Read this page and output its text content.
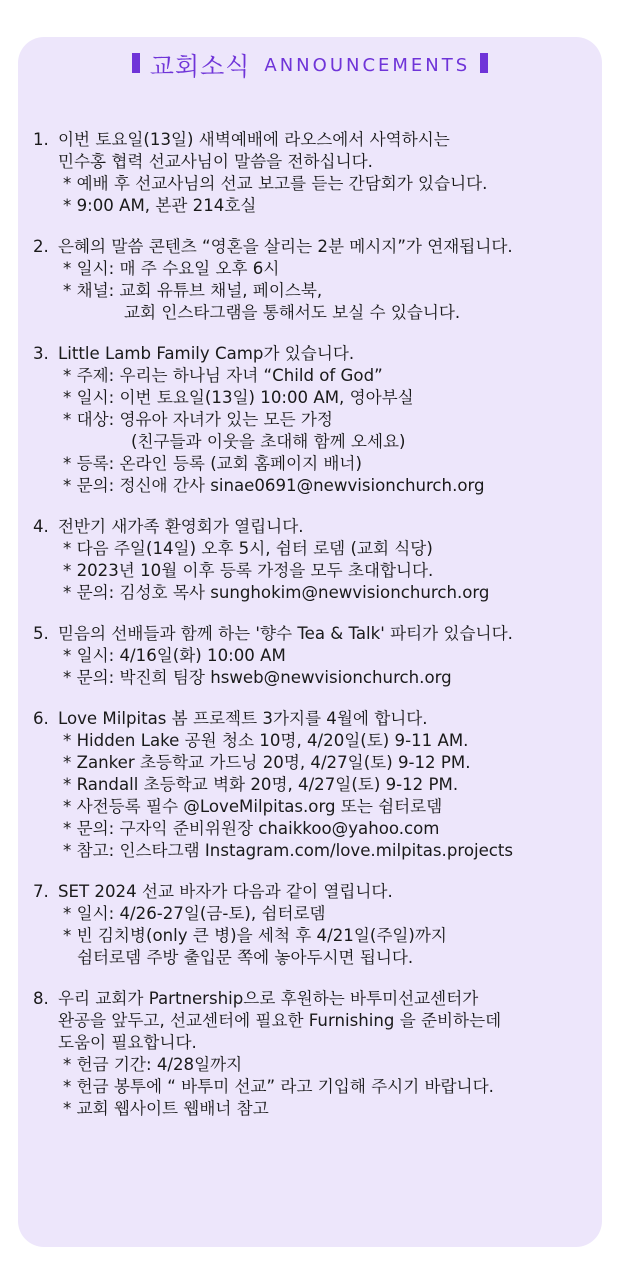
교회소식 ANNOUNCEMENTS
1. 이번 토요일(13일) 새벽예배에 라오스에서 사역하시는
민수홍 협력 선교사님이 말씀을 전하십니다.
* 예배 후 선교사님의 선교 보고를 듣는 간담회가 있습니다.
* 9:00 AM, 본관 214호실
2. 은혜의 말씀 콘텐츠 “영혼을 살리는 2분 메시지”가 연재됩니다.
* 일시: 매 주 수요일 오후 6시
* 채널: 교회 유튜브 채널, 페이스북,
교회 인스타그램을 통해서도 보실 수 있습니다.
3. Little Lamb Family Camp가 있습니다.
* 주제: 우리는 하나님 자녀 “Child of God”
* 일시: 이번 토요일(13일) 10:00 AM, 영아부실
* 대상: 영유아 자녀가 있는 모든 가정
(친구들과 이웃을 초대해 함께 오세요)
* 등록: 온라인 등록 (교회 홈페이지 배너)
* 문의: 정신애 간사 sinae0691@newvisionchurch.org
4. 전반기 새가족 환영회가 열립니다.
* 다음 주일(14일) 오후 5시, 쉼터 로뎀 (교회 식당)
* 2023년 10월 이후 등록 가정을 모두 초대합니다.
* 문의: 김성호 목사 sunghokim@newvisionchurch.org
5. 믿음의 선배들과 함께 하는 '향수 Tea & Talk' 파티가 있습니다.
* 일시: 4/16일(화) 10:00 AM
* 문의: 박진희 팀장 hsweb@newvisionchurch.org
6. Love Milpitas 봄 프로젝트 3가지를 4월에 합니다.
* Hidden Lake 공원 청소 10명, 4/20일(토) 9-11 AM.
* Zanker 초등학교 가드닝 20명, 4/27일(토) 9-12 PM.
* Randall 초등학교 벽화 20명, 4/27일(토) 9-12 PM.
* 사전등록 필수 @LoveMilpitas.org 또는 쉼터로뎀
* 문의: 구자익 준비위원장 chaikkoo@yahoo.com
* 참고: 인스타그램 Instagram.com/love.milpitas.projects
7. SET 2024 선교 바자가 다음과 같이 열립니다.
* 일시: 4/26-27일(금-토), 쉼터로뎀
* 빈 김치병(only 큰 병)을 세척 후 4/21일(주일)까지
쉼터로뎀 주방 출입문 쪽에 놓아두시면 됩니다.
8. 우리 교회가 Partnership으로 후원하는 바투미선교센터가
완공을 앞두고, 선교센터에 필요한 Furnishing 을 준비하는데
도움이 필요합니다.
* 헌금 기간: 4/28일까지
* 헌금 봉투에 “ 바투미 선교” 라고 기입해 주시기 바랍니다.
* 교회 웹사이트 웹배너 참고
